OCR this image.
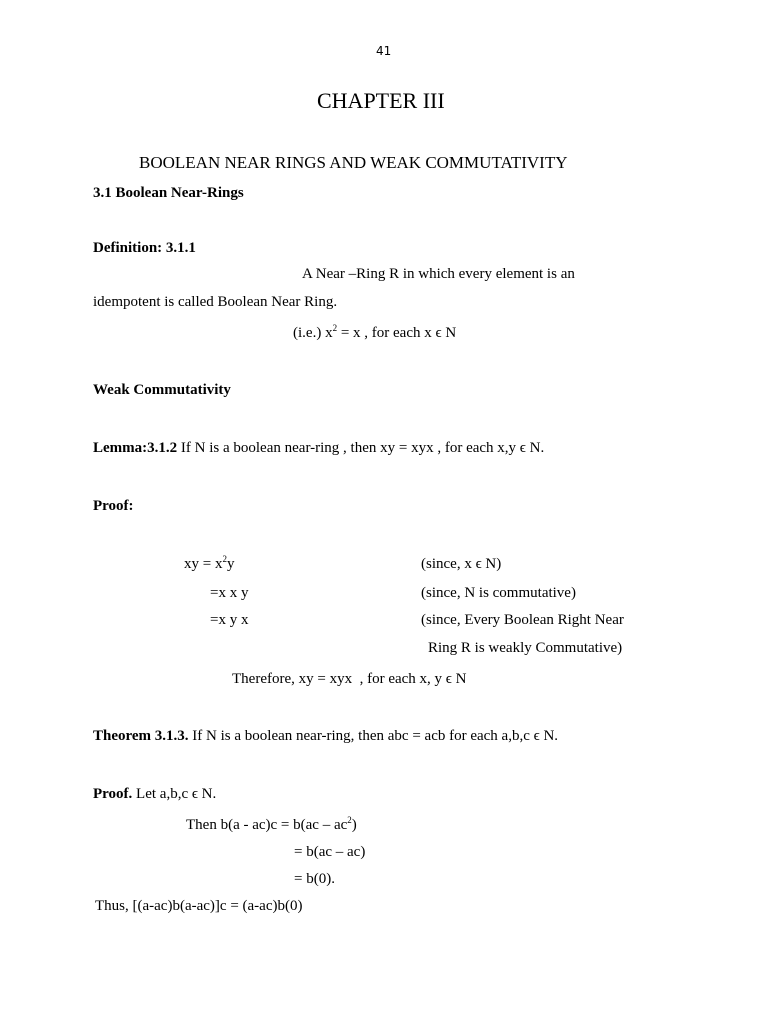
41
CHAPTER III
BOOLEAN NEAR RINGS AND WEAK COMMUTATIVITY
3.1 Boolean Near-Rings
Definition: 3.1.1
A Near –Ring R in which every element is an
idempotent is called Boolean Near Ring.
(i.e.) $x^2 = x$ , for each x ϵ N
Weak Commutativity
Lemma:3.1.2 If N is a boolean near-ring , then xy = xyx , for each x,y ϵ N.
Proof:
xy = $x^2y$	(since, x ϵ N)
=x x y	(since, N is commutative)
=x y x	(since, Every Boolean Right Near
Ring R is weakly Commutative)
Therefore, xy = xyx  , for each x, y ϵ N
Theorem 3.1.3. If N is a boolean near-ring, then abc = acb for each a,b,c ϵ N.
Proof. Let a,b,c ϵ N.
Then $b(a - ac)c = b(ac - ac^2)$
= b(ac – ac)
= b(0).
Thus, [(a-ac)b(a-ac)]c = (a-ac)b(0)
